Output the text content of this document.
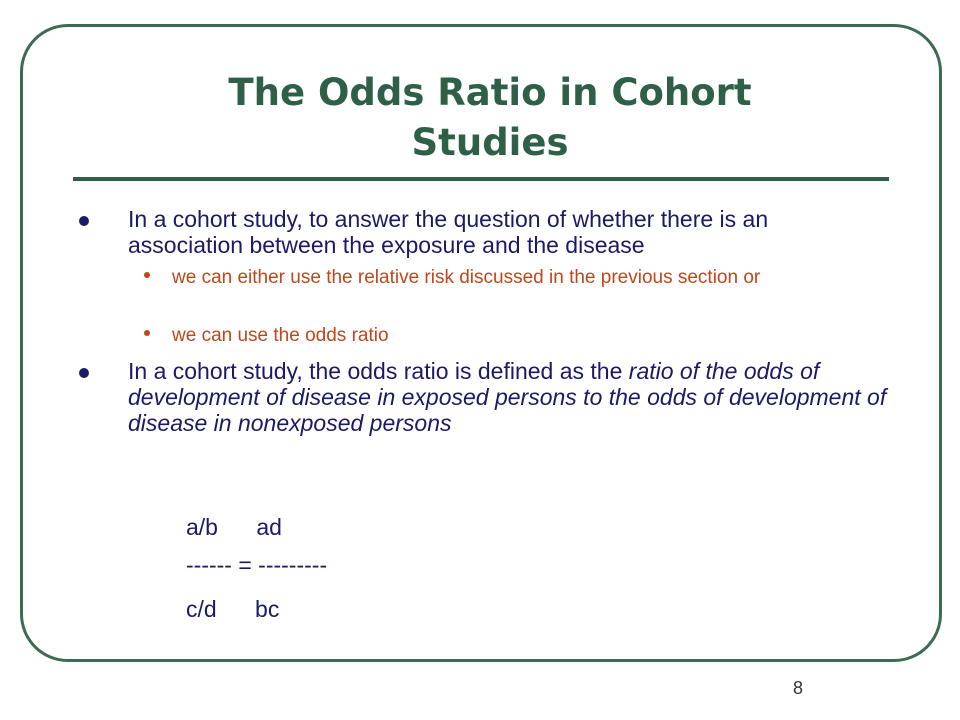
The Odds Ratio in Cohort
Studies
In a cohort study, to answer the question of whether there is an association between the exposure and the disease
we can either use the relative risk discussed in the previous section or
we can use the odds ratio
In a cohort study, the odds ratio is defined as the ratio of the odds of development of disease in exposed persons to the odds of development of disease in nonexposed persons
a/b      ad
------ = ---------
c/d      bc
8
